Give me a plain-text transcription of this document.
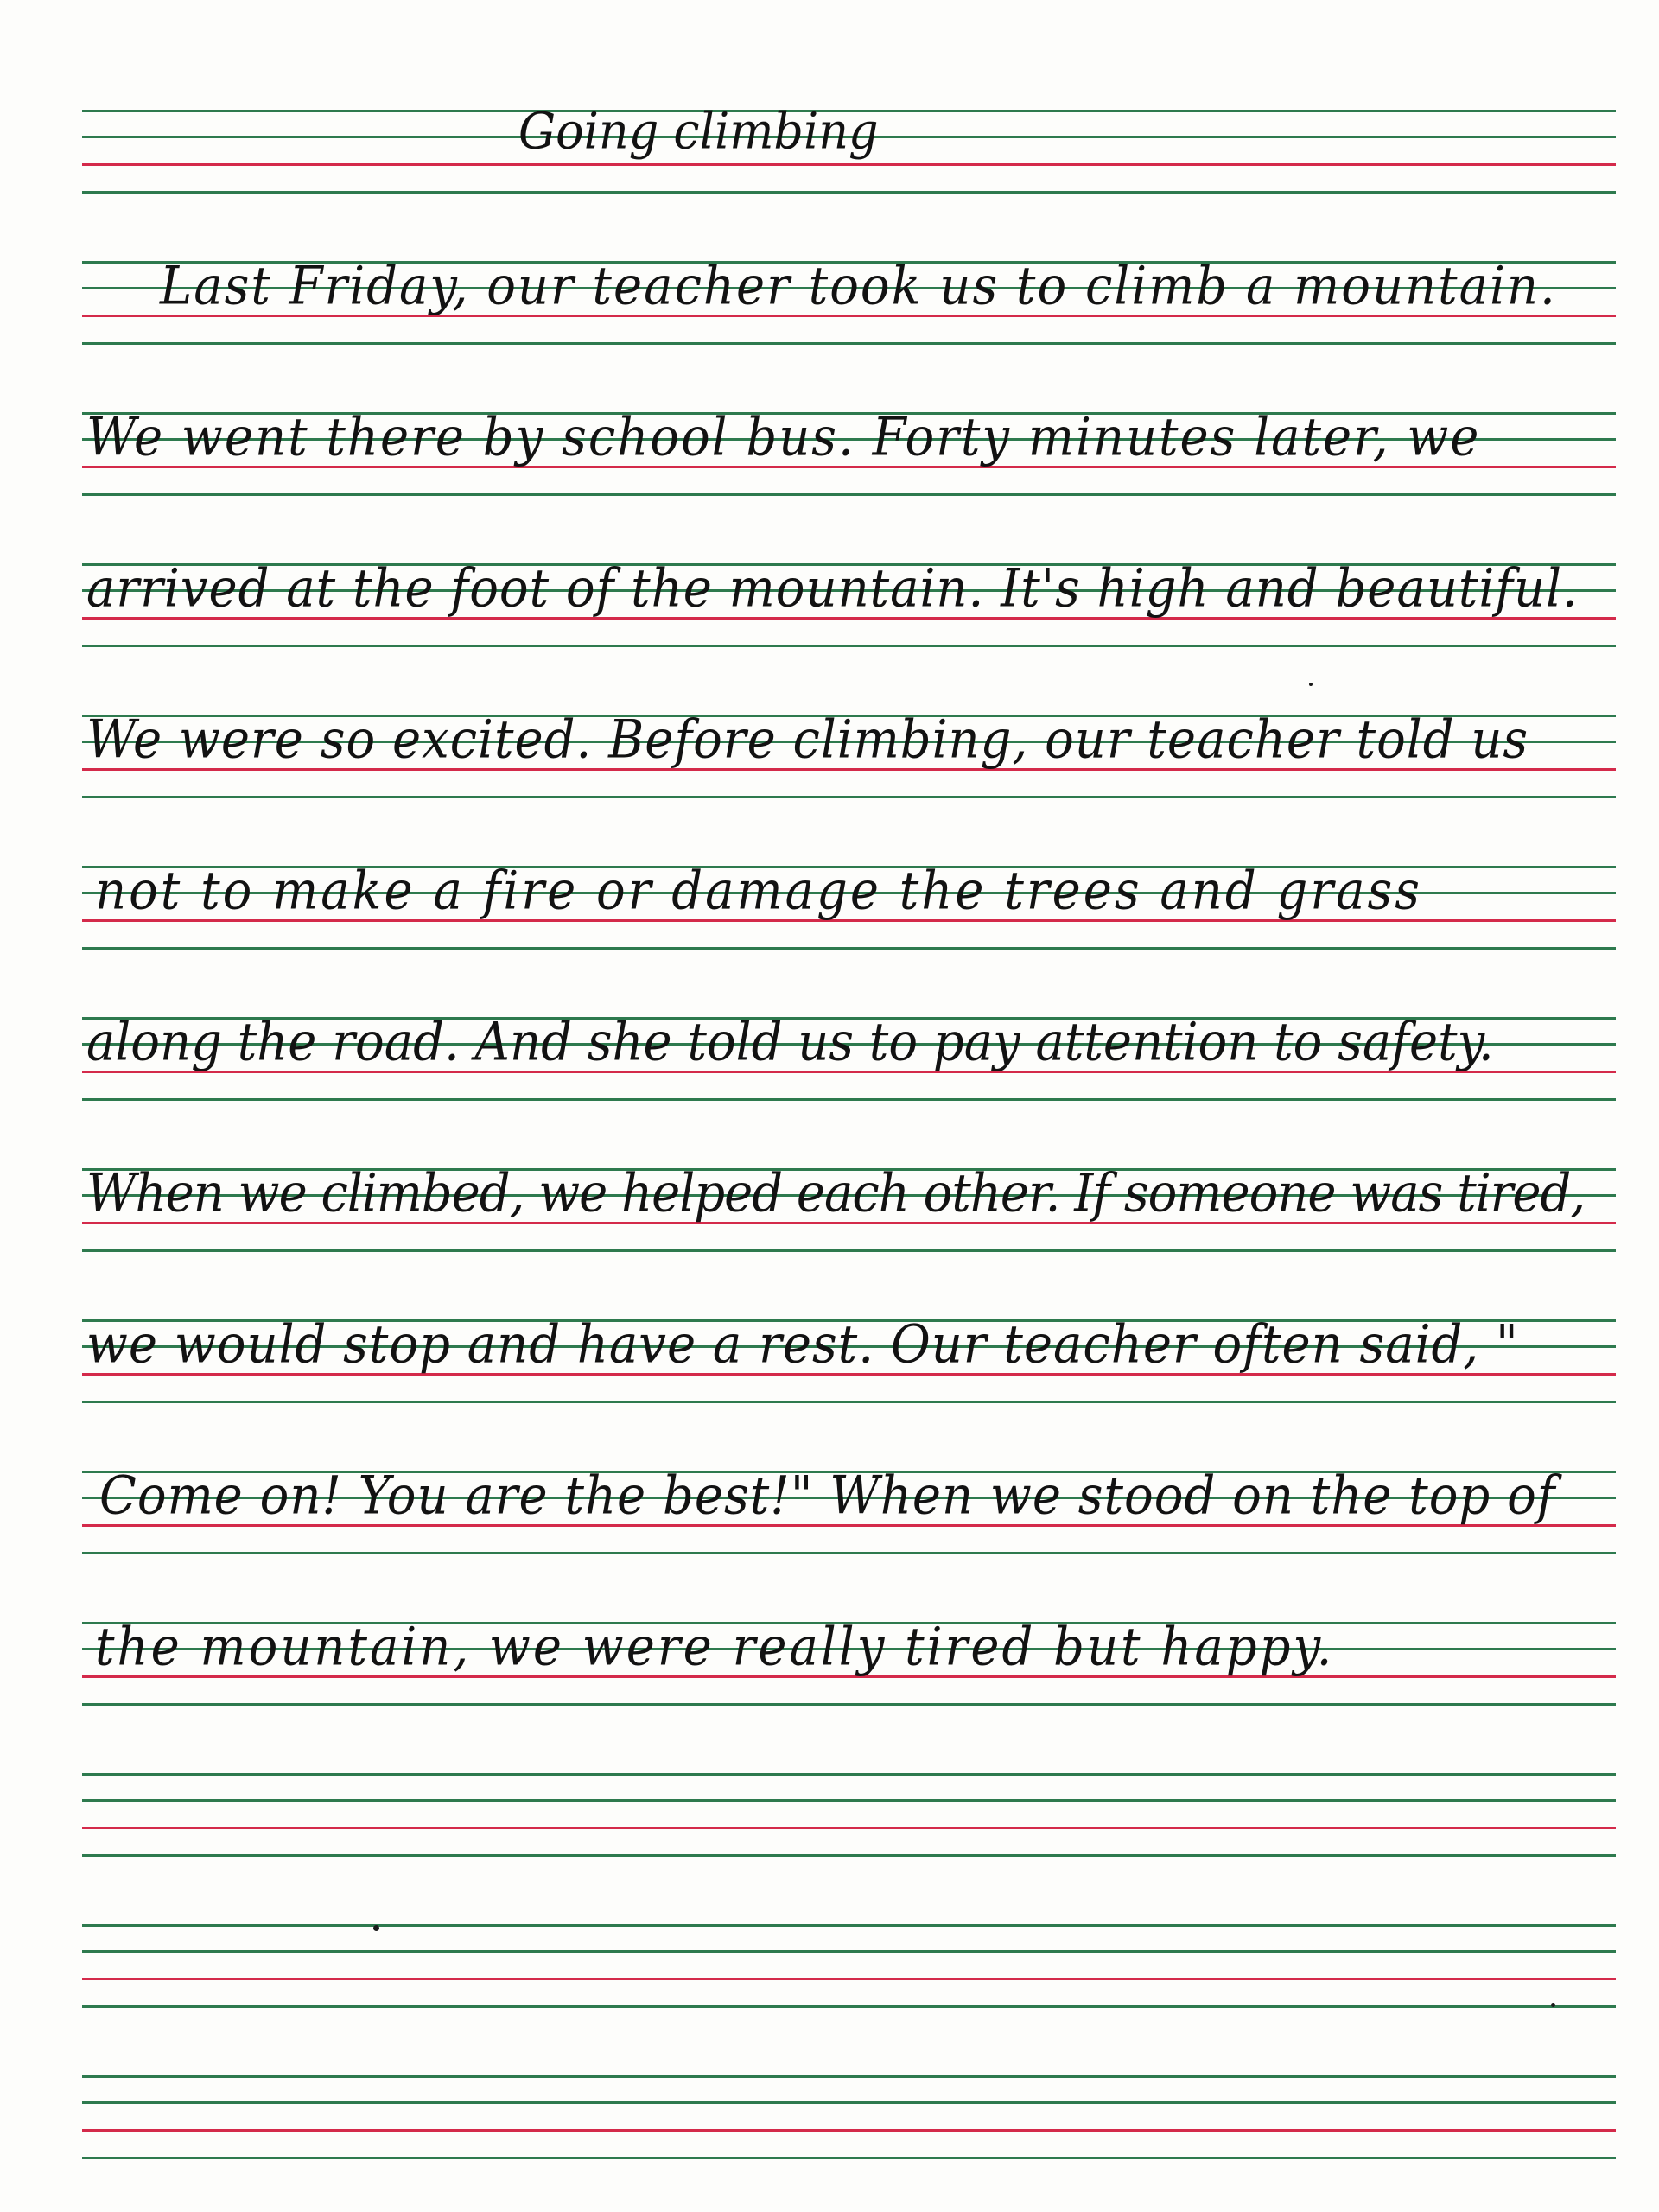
Going climbing

Last Friday, our teacher took us to climb a mountain.

We went there by school bus. Forty minutes later, we

arrived at the foot of the mountain. It's high and beautiful.

We were so excited. Before climbing, our teacher told us

not to make a fire or damage the trees and grass

along the road. And she told us to pay attention to safety.

When we climbed, we helped each other. If someone was tired,

we would stop and have a rest. Our teacher often said, "

Come on! You are the best!" When we stood on the top of

the mountain, we were really tired but happy.
